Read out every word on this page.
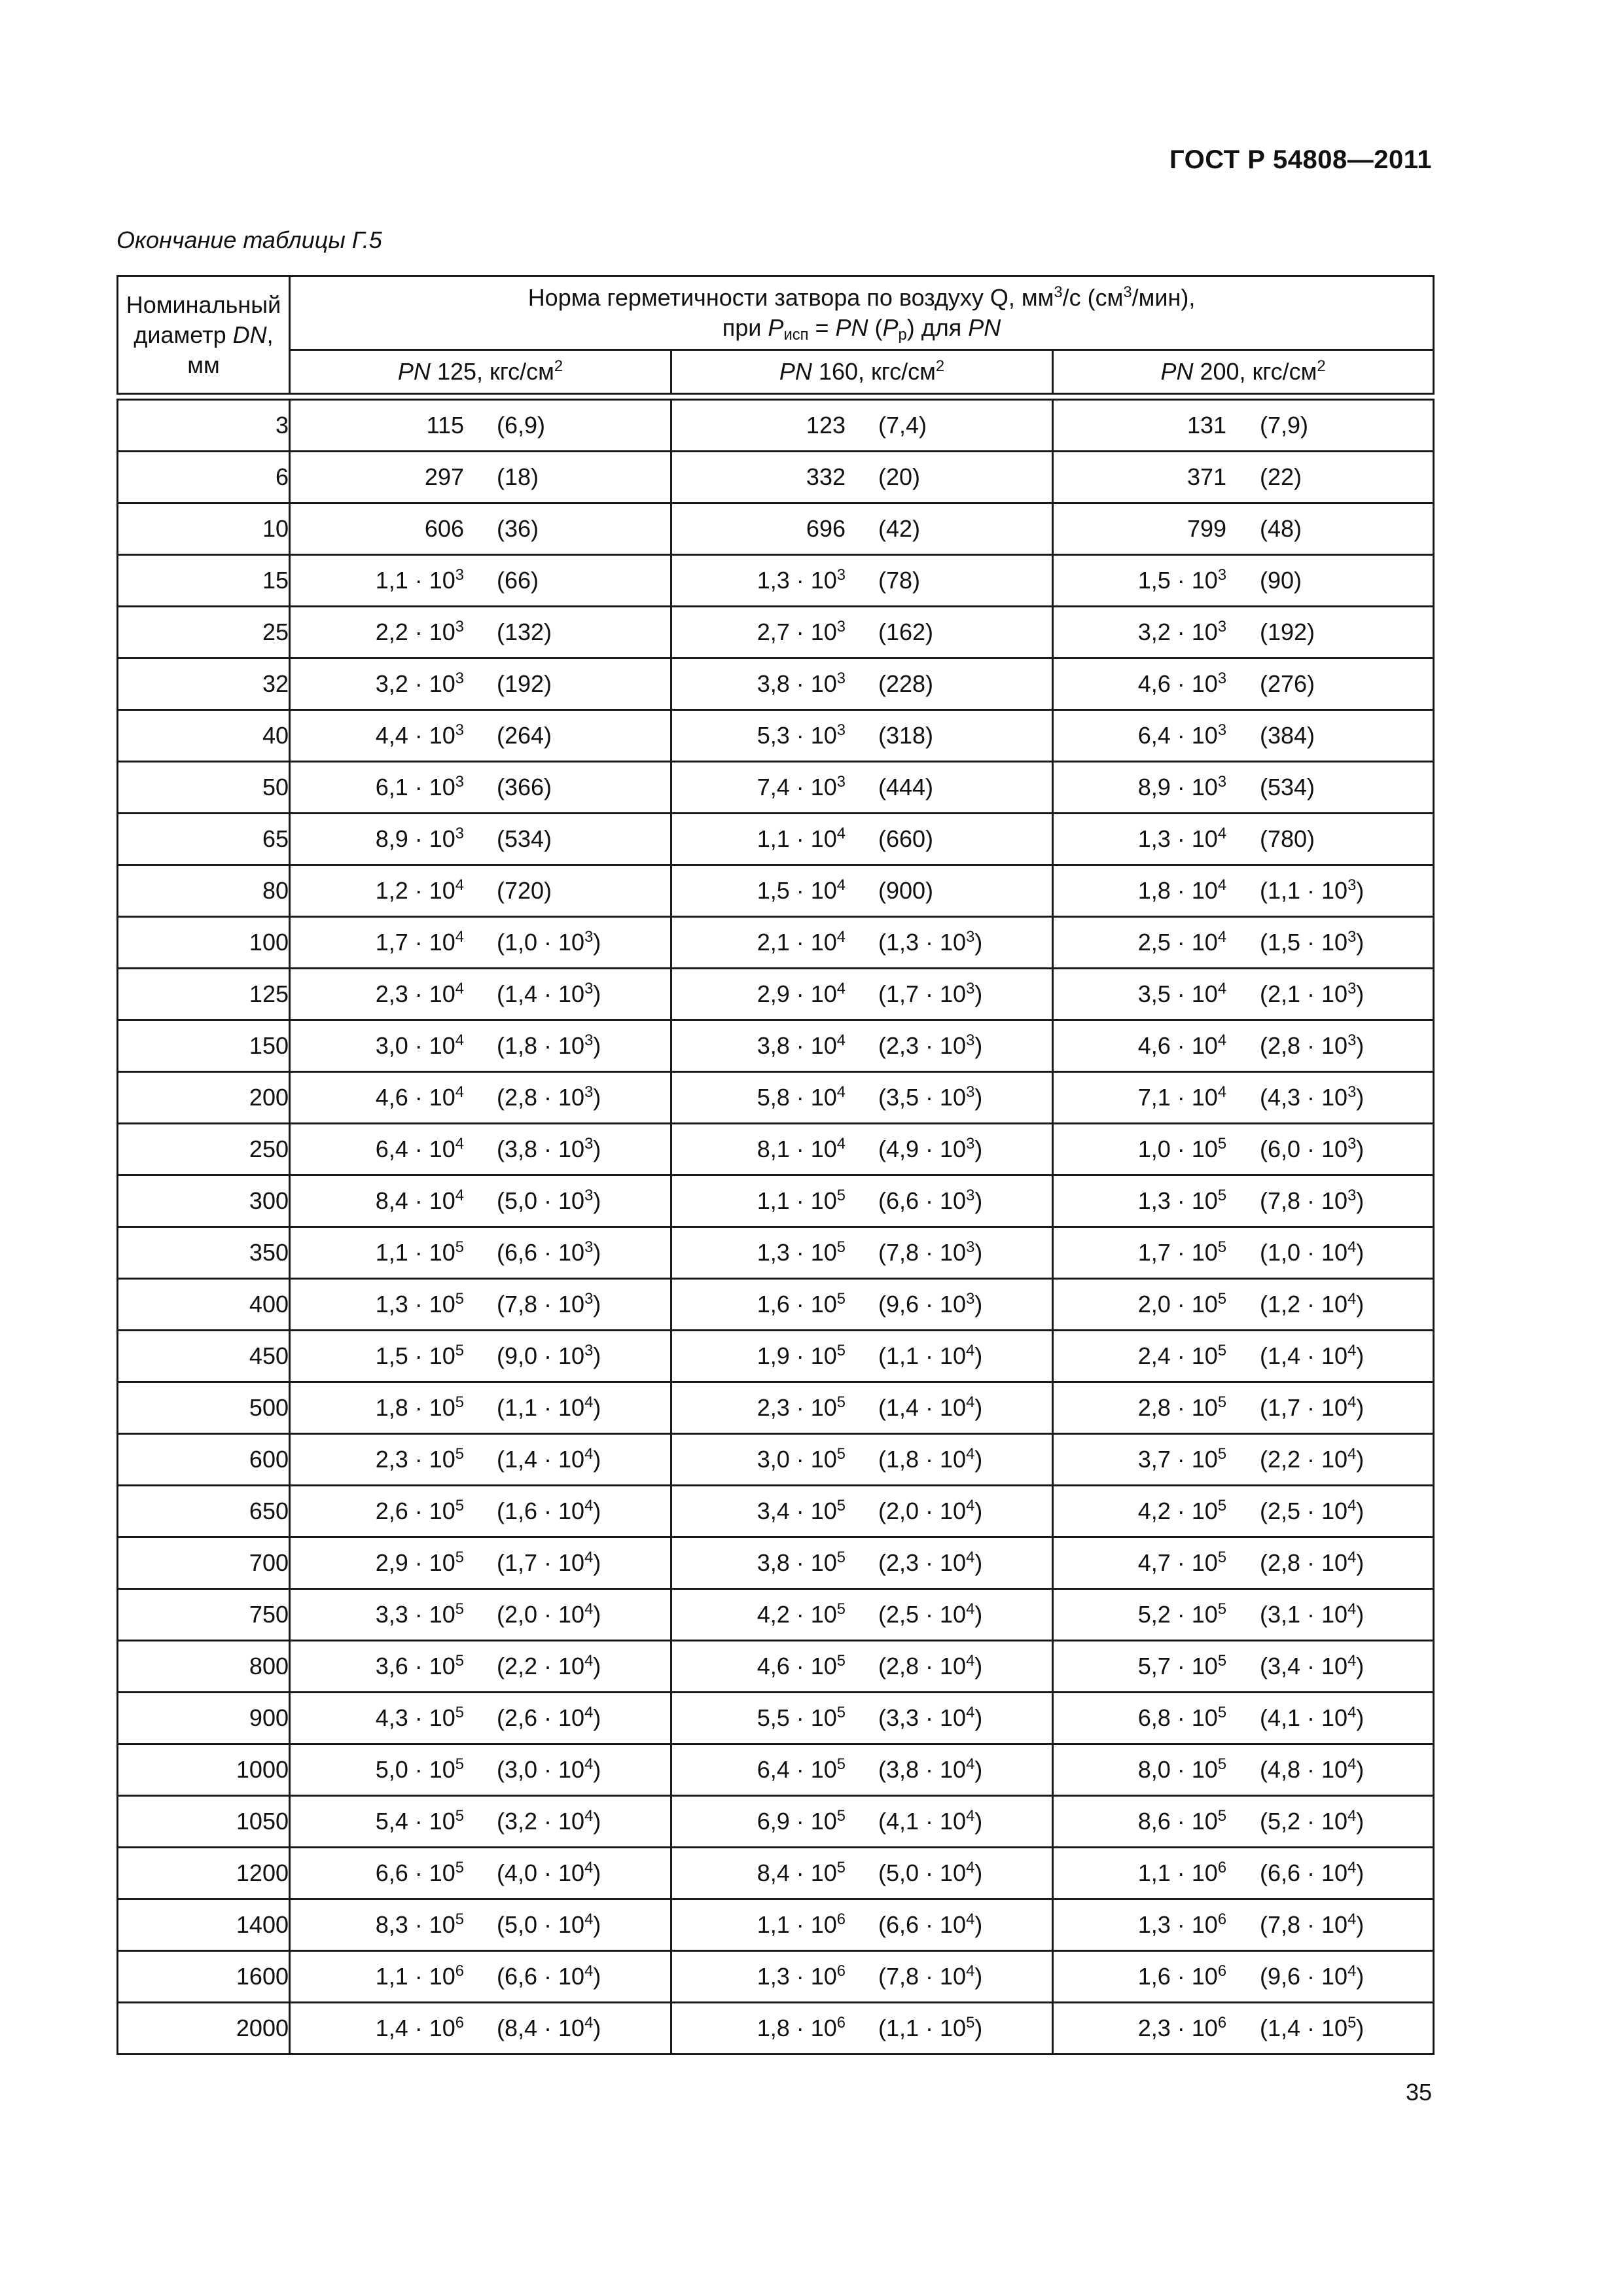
ГОСТ Р 54808—2011
Окончание таблицы Г.5
Номинальный
диаметр DN,
мм	Норма герметичности затвора по воздуху Q, $мм^3/с$ $(см^3/мин)$,
при $P_{исп}$ = PN $(P_р)$ для PN		
	PN 125, кгс/$см^2$	PN 160, кгс/$см^2$	PN 200, кгс/$см^2$

3	115 (6,9)	123 (7,4)	131 (7,9)

6	297 (18)	332 (20)	371 (22)

10	606 (36)	696 (42)	799 (48)

15	$1,1 \cdot 10^3$ (66)	$1,3 \cdot 10^3$ (78)	$1,5 \cdot 10^3$ (90)

25	$2,2 \cdot 10^3$ (132)	$2,7 \cdot 10^3$ (162)	$3,2 \cdot 10^3$ (192)

32	$3,2 \cdot 10^3$ (192)	$3,8 \cdot 10^3$ (228)	$4,6 \cdot 10^3$ (276)

40	$4,4 \cdot 10^3$ (264)	$5,3 \cdot 10^3$ (318)	$6,4 \cdot 10^3$ (384)

50	$6,1 \cdot 10^3$ (366)	$7,4 \cdot 10^3$ (444)	$8,9 \cdot 10^3$ (534)

65	$8,9 \cdot 10^3$ (534)	$1,1 \cdot 10^4$ (660)	$1,3 \cdot 10^4$ (780)

80	$1,2 \cdot 10^4$ (720)	$1,5 \cdot 10^4$ (900)	$1,8 \cdot 10^4$ $(1,1 \cdot 10^3)$

100	$1,7 \cdot 10^4$ $(1,0 \cdot 10^3)$	$2,1 \cdot 10^4$ $(1,3 \cdot 10^3)$	$2,5 \cdot 10^4$ $(1,5 \cdot 10^3)$

125	$2,3 \cdot 10^4$ $(1,4 \cdot 10^3)$	$2,9 \cdot 10^4$ $(1,7 \cdot 10^3)$	$3,5 \cdot 10^4$ $(2,1 \cdot 10^3)$

150	$3,0 \cdot 10^4$ $(1,8 \cdot 10^3)$	$3,8 \cdot 10^4$ $(2,3 \cdot 10^3)$	$4,6 \cdot 10^4$ $(2,8 \cdot 10^3)$

200	$4,6 \cdot 10^4$ $(2,8 \cdot 10^3)$	$5,8 \cdot 10^4$ $(3,5 \cdot 10^3)$	$7,1 \cdot 10^4$ $(4,3 \cdot 10^3)$

250	$6,4 \cdot 10^4$ $(3,8 \cdot 10^3)$	$8,1 \cdot 10^4$ $(4,9 \cdot 10^3)$	$1,0 \cdot 10^5$ $(6,0 \cdot 10^3)$

300	$8,4 \cdot 10^4$ $(5,0 \cdot 10^3)$	$1,1 \cdot 10^5$ $(6,6 \cdot 10^3)$	$1,3 \cdot 10^5$ $(7,8 \cdot 10^3)$

350	$1,1 \cdot 10^5$ $(6,6 \cdot 10^3)$	$1,3 \cdot 10^5$ $(7,8 \cdot 10^3)$	$1,7 \cdot 10^5$ $(1,0 \cdot 10^4)$

400	$1,3 \cdot 10^5$ $(7,8 \cdot 10^3)$	$1,6 \cdot 10^5$ $(9,6 \cdot 10^3)$	$2,0 \cdot 10^5$ $(1,2 \cdot 10^4)$

450	$1,5 \cdot 10^5$ $(9,0 \cdot 10^3)$	$1,9 \cdot 10^5$ $(1,1 \cdot 10^4)$	$2,4 \cdot 10^5$ $(1,4 \cdot 10^4)$

500	$1,8 \cdot 10^5$ $(1,1 \cdot 10^4)$	$2,3 \cdot 10^5$ $(1,4 \cdot 10^4)$	$2,8 \cdot 10^5$ $(1,7 \cdot 10^4)$

600	$2,3 \cdot 10^5$ $(1,4 \cdot 10^4)$	$3,0 \cdot 10^5$ $(1,8 \cdot 10^4)$	$3,7 \cdot 10^5$ $(2,2 \cdot 10^4)$

650	$2,6 \cdot 10^5$ $(1,6 \cdot 10^4)$	$3,4 \cdot 10^5$ $(2,0 \cdot 10^4)$	$4,2 \cdot 10^5$ $(2,5 \cdot 10^4)$

700	$2,9 \cdot 10^5$ $(1,7 \cdot 10^4)$	$3,8 \cdot 10^5$ $(2,3 \cdot 10^4)$	$4,7 \cdot 10^5$ $(2,8 \cdot 10^4)$

750	$3,3 \cdot 10^5$ $(2,0 \cdot 10^4)$	$4,2 \cdot 10^5$ $(2,5 \cdot 10^4)$	$5,2 \cdot 10^5$ $(3,1 \cdot 10^4)$

800	$3,6 \cdot 10^5$ $(2,2 \cdot 10^4)$	$4,6 \cdot 10^5$ $(2,8 \cdot 10^4)$	$5,7 \cdot 10^5$ $(3,4 \cdot 10^4)$

900	$4,3 \cdot 10^5$ $(2,6 \cdot 10^4)$	$5,5 \cdot 10^5$ $(3,3 \cdot 10^4)$	$6,8 \cdot 10^5$ $(4,1 \cdot 10^4)$

1000	$5,0 \cdot 10^5$ $(3,0 \cdot 10^4)$	$6,4 \cdot 10^5$ $(3,8 \cdot 10^4)$	$8,0 \cdot 10^5$ $(4,8 \cdot 10^4)$

1050	$5,4 \cdot 10^5$ $(3,2 \cdot 10^4)$	$6,9 \cdot 10^5$ $(4,1 \cdot 10^4)$	$8,6 \cdot 10^5$ $(5,2 \cdot 10^4)$

1200	$6,6 \cdot 10^5$ $(4,0 \cdot 10^4)$	$8,4 \cdot 10^5$ $(5,0 \cdot 10^4)$	$1,1 \cdot 10^6$ $(6,6 \cdot 10^4)$

1400	$8,3 \cdot 10^5$ $(5,0 \cdot 10^4)$	$1,1 \cdot 10^6$ $(6,6 \cdot 10^4)$	$1,3 \cdot 10^6$ $(7,8 \cdot 10^4)$

1600	$1,1 \cdot 10^6$ $(6,6 \cdot 10^4)$	$1,3 \cdot 10^6$ $(7,8 \cdot 10^4)$	$1,6 \cdot 10^6$ $(9,6 \cdot 10^4)$

2000	$1,4 \cdot 10^6$ $(8,4 \cdot 10^4)$	$1,8 \cdot 10^6$ $(1,1 \cdot 10^5)$	$2,3 \cdot 10^6$ $(1,4 \cdot 10^5)$
35
